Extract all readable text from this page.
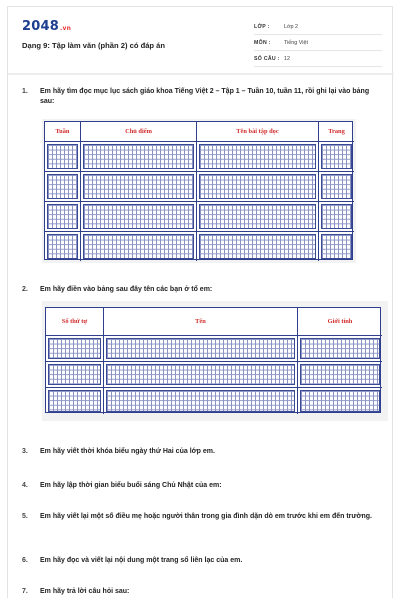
2048.vn
Dạng 9: Tập làm văn (phần 2) có đáp án
LỚP :	Lớp 2
MÔN :	Tiếng Việt
SỐ CÂU : 12
1. Em hãy tìm đọc mục lục sách giáo khoa Tiếng Việt 2 – Tập 1 – Tuần 10, tuần 11, rồi ghi lại vào bảng sau:
Tuần	Chủ điểm	Tên bài tập đọc	Trang
2. Em hãy điền vào bảng sau đây tên các bạn ở tổ em:
Số thứ tự	Tên	Giới tính
3. Em hãy viết thời khóa biểu ngày thứ Hai của lớp em.
4. Em hãy lập thời gian biểu buổi sáng Chủ Nhật của em:
5. Em hãy viết lại một số điều mẹ hoặc người thân trong gia đình dặn dò em trước khi em đến trường.
6. Em hãy đọc và viết lại nội dung một trang sổ liên lạc của em.
7. Em hãy trả lời câu hỏi sau:
